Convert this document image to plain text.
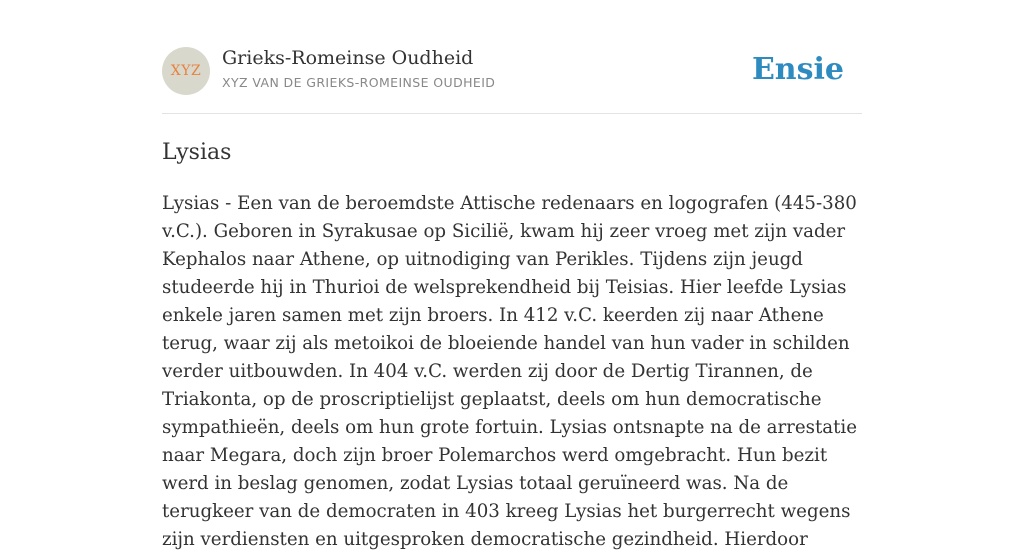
XYZ
Grieks-Romeinse Oudheid
XYZ VAN DE GRIEKS-ROMEINSE OUDHEID	Ensie
Lysias

Lysias - Een van de beroemdste Attische redenaars en logografen (445-380 v.C.). Geboren in Syrakusae op Sicilië, kwam hij zeer vroeg met zijn vader Kephalos naar Athene, op uitnodiging van Perikles. Tijdens zijn jeugd studeerde hij in Thurioi de welsprekendheid bij Teisias. Hier leefde Lysias enkele jaren samen met zijn broers. In 412 v.C. keerden zij naar Athene terug, waar zij als metoikoi de bloeiende handel van hun vader in schilden verder uitbouwden. In 404 v.C. werden zij door de Dertig Tirannen, de Triakonta, op de proscriptielijst geplaatst, deels om hun democratische sympathieën, deels om hun grote fortuin. Lysias ontsnapte na de arrestatie naar Megara, doch zijn broer Polemarchos werd omgebracht. Hun bezit werd in beslag genomen, zodat Lysias totaal geruïneerd was. Na de terugkeer van de democraten in 403 kreeg Lysias het burgerrecht wegens zijn verdiensten en uitgesproken democratische gezindheid. Hierdoor
